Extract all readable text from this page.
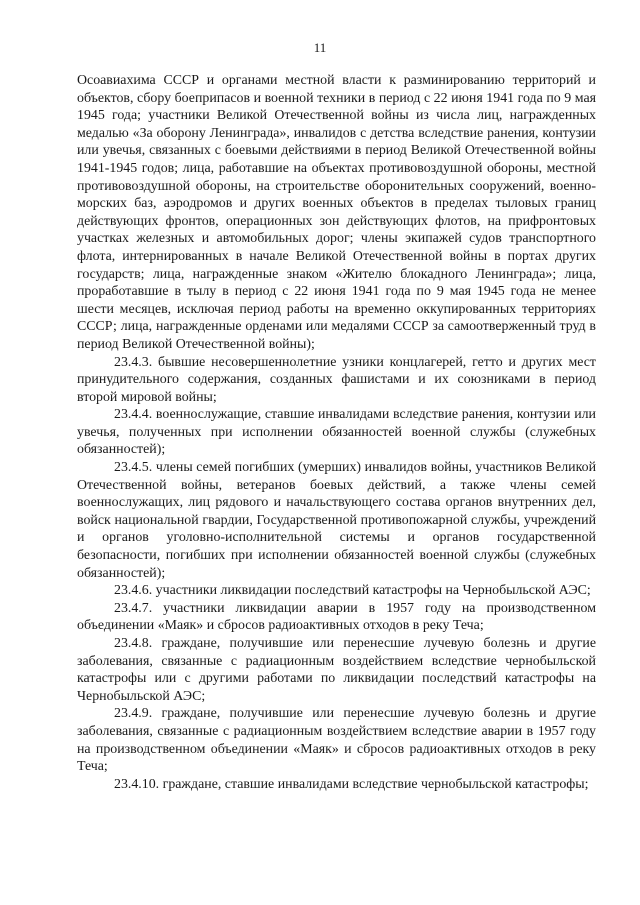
11

Осоавиахима СССР и органами местной власти к разминированию территорий и объектов, сбору боеприпасов и военной техники в период с 22 июня 1941 года по 9 мая 1945 года; участники Великой Отечественной войны из числа лиц, награжденных медалью «За оборону Ленинграда», инвалидов с детства вследствие ранения, контузии или увечья, связанных с боевыми действиями в период Великой Отечественной войны 1941-1945 годов; лица, работавшие на объектах противовоздушной обороны, местной противовоздушной обороны, на строительстве оборонительных сооружений, военно-морских баз, аэродромов и других военных объектов в пределах тыловых границ действующих фронтов, операционных зон действующих флотов, на прифронтовых участках железных и автомобильных дорог; члены экипажей судов транспортного флота, интернированных в начале Великой Отечественной войны в портах других государств; лица, награжденные знаком «Жителю блокадного Ленинграда»; лица, проработавшие в тылу в период с 22 июня 1941 года по 9 мая 1945 года не менее шести месяцев, исключая период работы на временно оккупированных территориях СССР; лица, награжденные орденами или медалями СССР за самоотверженный труд в период Великой Отечественной войны);

23.4.3. бывшие несовершеннолетние узники концлагерей, гетто и других мест принудительного содержания, созданных фашистами и их союзниками в период второй мировой войны;

23.4.4. военнослужащие, ставшие инвалидами вследствие ранения, контузии или увечья, полученных при исполнении обязанностей военной службы (служебных обязанностей);

23.4.5. члены семей погибших (умерших) инвалидов войны, участников Великой Отечественной войны, ветеранов боевых действий, а также члены семей военнослужащих, лиц рядового и начальствующего состава органов внутренних дел, войск национальной гвардии, Государственной противопожарной службы, учреждений и органов уголовно-исполнительной системы и органов государственной безопасности, погибших при исполнении обязанностей военной службы (служебных обязанностей);

23.4.6. участники ликвидации последствий катастрофы на Чернобыльской АЭС;

23.4.7. участники ликвидации аварии в 1957 году на производственном объединении «Маяк» и сбросов радиоактивных отходов в реку Теча;

23.4.8. граждане, получившие или перенесшие лучевую болезнь и другие заболевания, связанные с радиационным воздействием вследствие чернобыльской катастрофы или с другими работами по ликвидации последствий катастрофы на Чернобыльской АЭС;

23.4.9. граждане, получившие или перенесшие лучевую болезнь и другие заболевания, связанные с радиационным воздействием вследствие аварии в 1957 году на производственном объединении «Маяк» и сбросов радиоактивных отходов в реку Теча;

23.4.10. граждане, ставшие инвалидами вследствие чернобыльской катастрофы;
